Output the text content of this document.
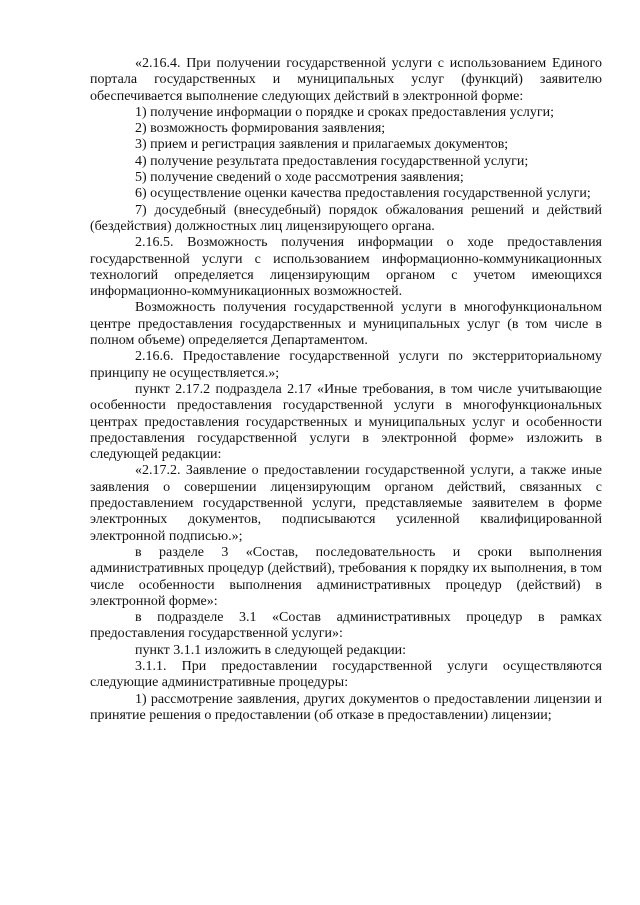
«2.16.4. При получении государственной услуги с использованием Единого портала государственных и муниципальных услуг (функций) заявителю обеспечивается выполнение следующих действий в электронной форме:

1) получение информации о порядке и сроках предоставления услуги;

2) возможность формирования заявления;

3) прием и регистрация заявления и прилагаемых документов;

4) получение результата предоставления государственной услуги;

5) получение сведений о ходе рассмотрения заявления;

6) осуществление оценки качества предоставления государственной услуги;

7) досудебный (внесудебный) порядок обжалования решений и действий (бездействия) должностных лиц лицензирующего органа.

2.16.5. Возможность получения информации о ходе предоставления государственной услуги с использованием информационно-коммуникационных технологий определяется лицензирующим органом с учетом имеющихся информационно-коммуникационных возможностей.

Возможность получения государственной услуги в многофункциональном центре предоставления государственных и муниципальных услуг (в том числе в полном объеме) определяется Департаментом.

2.16.6. Предоставление государственной услуги по экстерриториальному принципу не осуществляется.»;

пункт 2.17.2 подраздела 2.17 «Иные требования, в том числе учитывающие особенности предоставления государственной услуги в многофункциональных центрах предоставления государственных и муниципальных услуг и особенности предоставления государственной услуги в электронной форме» изложить в следующей редакции:

«2.17.2. Заявление о предоставлении государственной услуги, а также иные заявления о совершении лицензирующим органом действий, связанных с предоставлением государственной услуги, представляемые заявителем в форме электронных документов, подписываются усиленной квалифицированной электронной подписью.»;

в разделе 3 «Состав, последовательность и сроки выполнения административных процедур (действий), требования к порядку их выполнения, в том числе особенности выполнения административных процедур (действий) в электронной форме»:

в подразделе 3.1 «Состав административных процедур в рамках предоставления государственной услуги»:

пункт 3.1.1 изложить в следующей редакции:

3.1.1. При предоставлении государственной услуги осуществляются следующие административные процедуры:

1) рассмотрение заявления, других документов о предоставлении лицензии и принятие решения о предоставлении (об отказе в предоставлении) лицензии;
